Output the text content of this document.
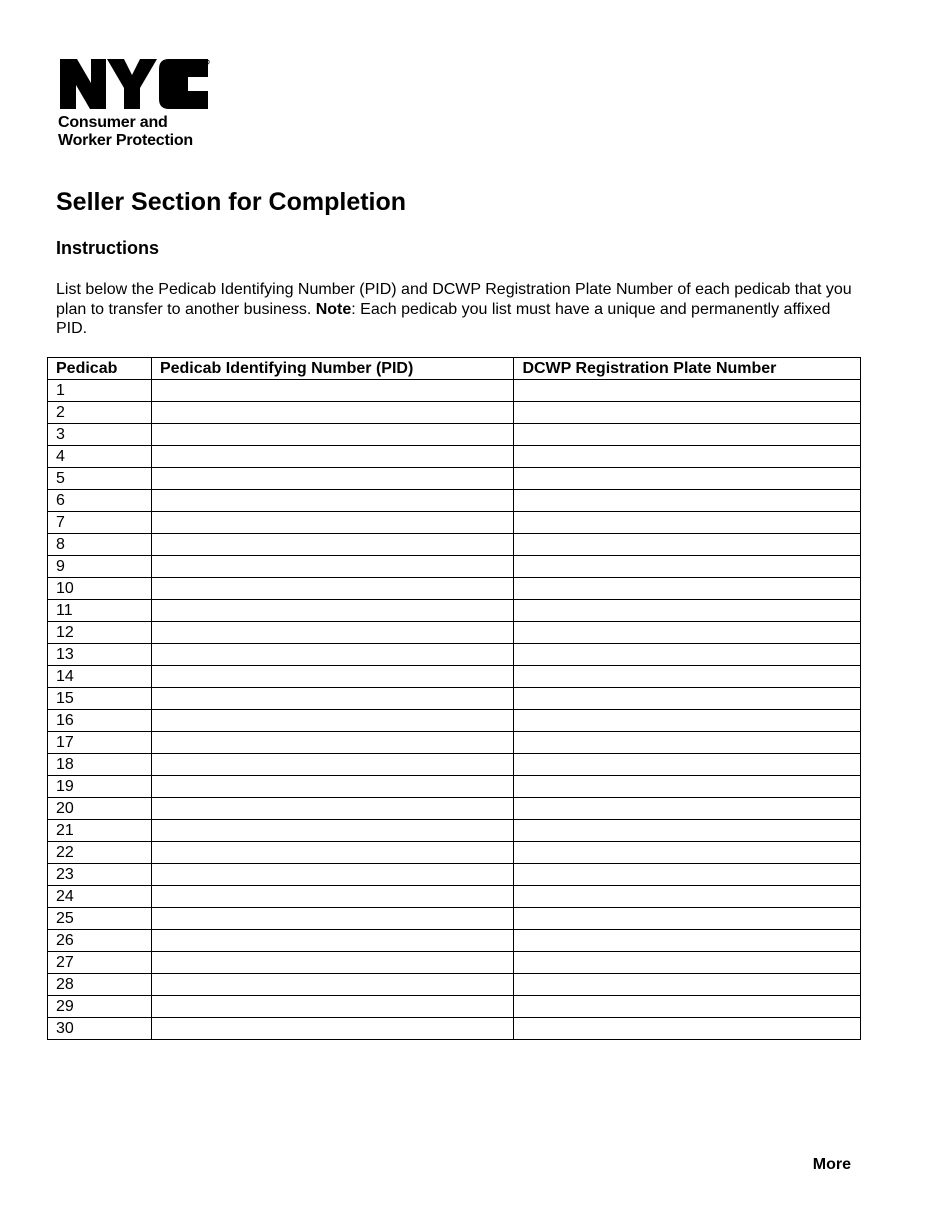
Consumer and
Worker Protection
Seller Section for Completion
Instructions

List below the Pedicab Identifying Number (PID) and DCWP Registration Plate Number of each pedicab that you plan to transfer to another business. Note: Each pedicab you list must have a unique and permanently affixed PID.

Pedicab	Pedicab Identifying Number (PID)	DCWP Registration Plate Number
1		
2		
3		
4		
5		
6		
7		
8		
9		
10		
11		
12		
13		
14		
15		
16		
17		
18		
19		
20		
21		
22		
23		
24		
25		
26		
27		
28		
29		
30		
More
